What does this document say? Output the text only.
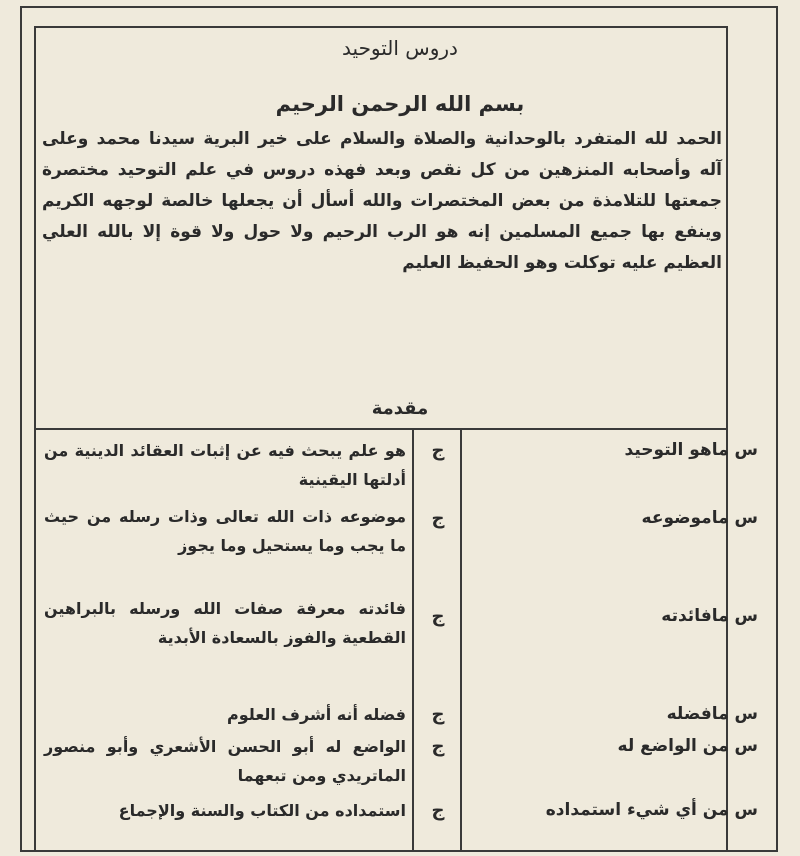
دروس التوحيد
بسم الله الرحمن الرحيم
الحمد لله المتفرد بالوحدانية والصلاة والسلام على خير البرية سيدنا محمد وعلى آله وأصحابه المنزهين من كل نقص وبعد فهذه دروس في علم التوحيد مختصرة جمعتها للتلامذة من بعض المختصرات والله أسأل أن يجعلها خالصة لوجهه الكريم وينفع بها جميع المسلمين إنه هو الرب الرحيم ولا حول ولا قوة إلا بالله العلي العظيم عليه توكلت وهو الحفيظ العليم
مقدمة
س ماهو التوحيد
ج
هو علم يبحث فيه عن إثبات العقائد الدينية من أدلتها اليقينية
س ماموضوعه
ج
موضوعه ذات الله تعالى وذات رسله من حيث ما يجب وما يستحيل وما يجوز
س مافائدته
ج
فائدته معرفة صفات الله ورسله بالبراهين القطعية والفوز بالسعادة الأبدية
س مافضله
ج
فضله أنه أشرف العلوم
س من الواضع له
ج
الواضع له أبو الحسن الأشعري وأبو منصور الماتريدي ومن تبعهما
س من أي شيء استمداده
ج
استمداده من الكتاب والسنة والإجماع
